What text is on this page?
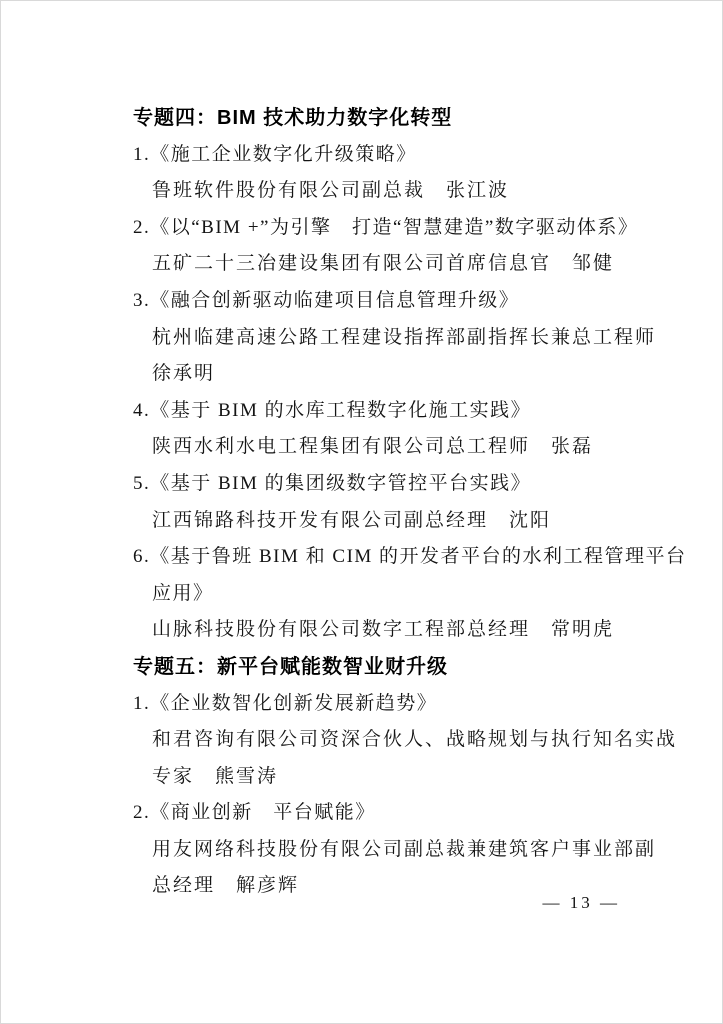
专题四：BIM 技术助力数字化转型
1.《施工企业数字化升级策略》
鲁班软件股份有限公司副总裁　张江波
2.《以“BIM +”为引擎　打造“智慧建造”数字驱动体系》
五矿二十三冶建设集团有限公司首席信息官　邹健
3.《融合创新驱动临建项目信息管理升级》
杭州临建高速公路工程建设指挥部副指挥长兼总工程师
徐承明
4.《基于 BIM 的水库工程数字化施工实践》
陕西水利水电工程集团有限公司总工程师　张磊
5.《基于 BIM 的集团级数字管控平台实践》
江西锦路科技开发有限公司副总经理　沈阳
6.《基于鲁班 BIM 和 CIM 的开发者平台的水利工程管理平台
应用》
山脉科技股份有限公司数字工程部总经理　常明虎
专题五：新平台赋能数智业财升级
1.《企业数智化创新发展新趋势》
和君咨询有限公司资深合伙人、战略规划与执行知名实战
专家　熊雪涛
2.《商业创新　平台赋能》
用友网络科技股份有限公司副总裁兼建筑客户事业部副
总经理　解彦辉
— 13 —
